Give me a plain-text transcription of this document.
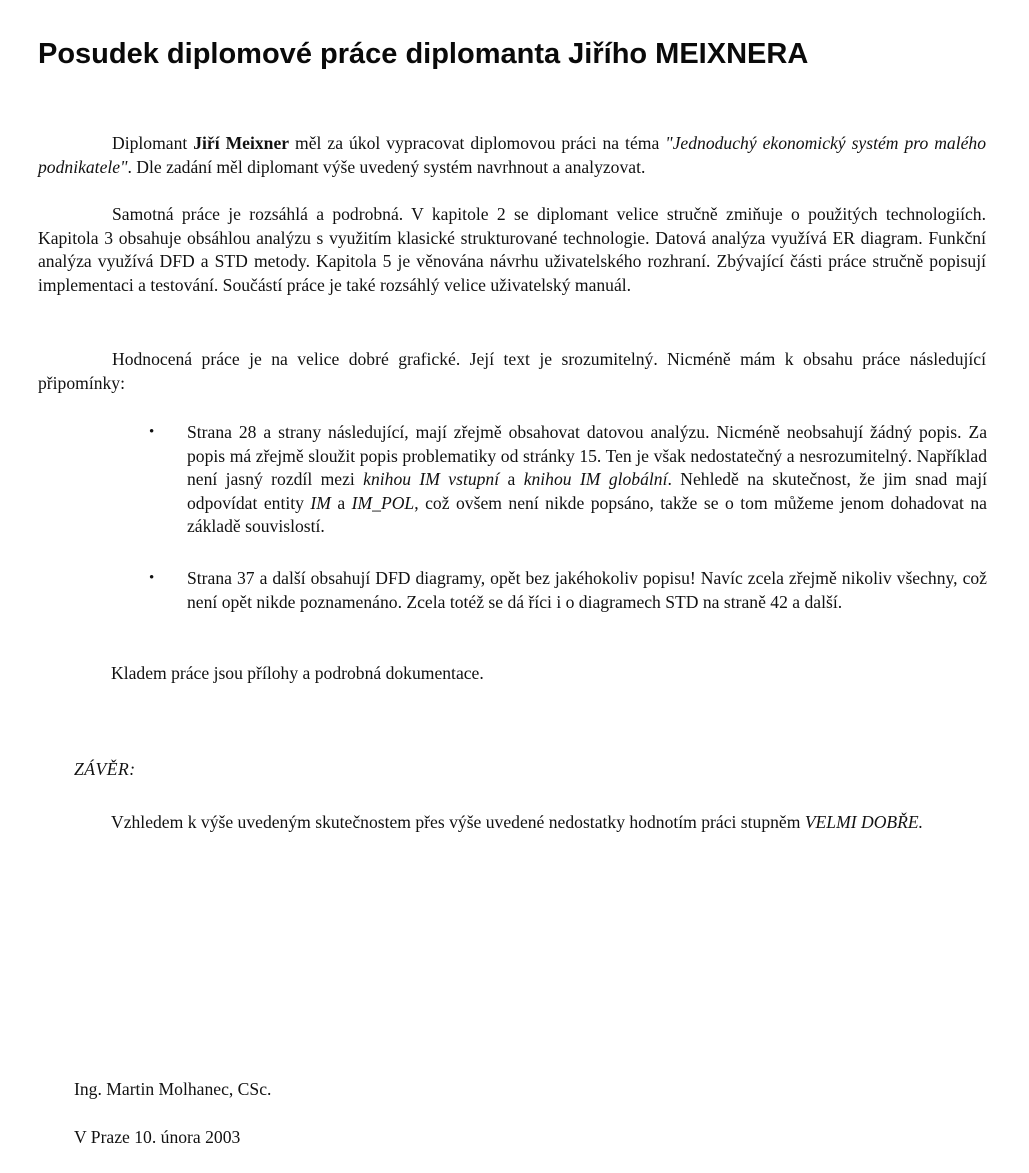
Posudek diplomové práce diplomanta Jiřího MEIXNERA

Diplomant Jiří Meixner měl za úkol vypracovat diplomovou práci na téma "Jednoduchý ekonomický systém pro malého podnikatele". Dle zadání měl diplomant výše uvedený systém navrhnout a analyzovat.

Samotná práce je rozsáhlá a podrobná. V kapitole 2 se diplomant velice stručně zmiňuje o použitých technologiích. Kapitola 3 obsahuje obsáhlou analýzu s využitím klasické strukturované technologie. Datová analýza využívá ER diagram. Funkční analýza využívá DFD a STD metody. Kapitola 5 je věnována návrhu uživatelského rozhraní. Zbývající části práce stručně popisují implementaci a testování. Součástí práce je také rozsáhlý velice uživatelský manuál.

Hodnocená práce je na velice dobré grafické. Její text je srozumitelný. Nicméně mám k obsahu práce následující připomínky:

• Strana 28 a strany následující, mají zřejmě obsahovat datovou analýzu. Nicméně neobsahují žádný popis. Za popis má zřejmě sloužit popis problematiky od stránky 15. Ten je však nedostatečný a nesrozumitelný. Například není jasný rozdíl mezi knihou IM vstupní a knihou IM globální. Nehledě na skutečnost, že jim snad mají odpovídat entity IM a IM_POL, což ovšem není nikde popsáno, takže se o tom můžeme jenom dohadovat na základě souvislostí.
• Strana 37 a další obsahují DFD diagramy, opět bez jakéhokoliv popisu! Navíc zcela zřejmě nikoliv všechny, což není opět nikde poznamenáno. Zcela totéž se dá říci i o diagramech STD na straně 42 a další.

Kladem práce jsou přílohy a podrobná dokumentace.

ZÁVĚR:

Vzhledem k výše uvedeným skutečnostem přes výše uvedené nedostatky hodnotím práci stupněm VELMI DOBŘE.

Ing. Martin Molhanec, CSc.
V Praze 10. února 2003
